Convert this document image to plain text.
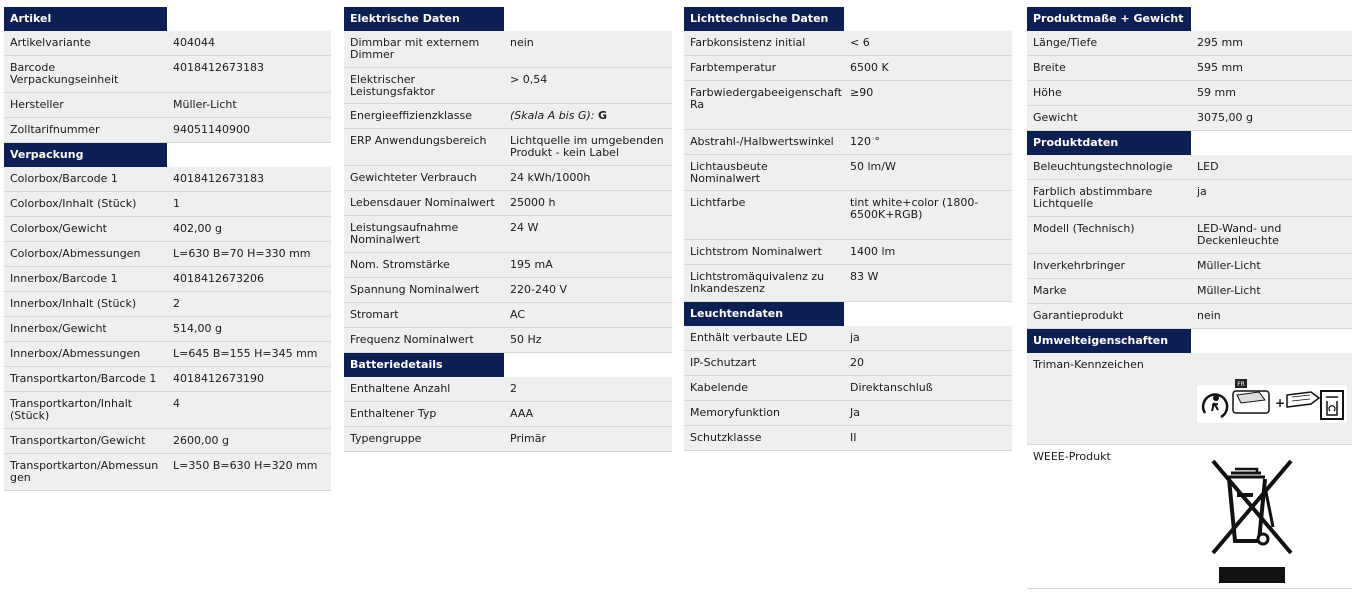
Artikel	
Artikelvariante	404044
Barcode Verpackungseinheit	4018412673183
Hersteller	Müller-Licht
Zolltarifnummer	94051140900
Verpackung	
Colorbox/Barcode 1	4018412673183
Colorbox/Inhalt (Stück)	1
Colorbox/Gewicht	402,00 g
Colorbox/Abmessungen	L=630 B=70 H=330 mm
Innerbox/Barcode 1	4018412673206
Innerbox/Inhalt (Stück)	2
Innerbox/Gewicht	514,00 g
Innerbox/Abmessungen	L=645 B=155 H=345 mm
Transportkarton/Barcode 1	4018412673190
Transportkarton/Inhalt (Stück)	4
Transportkarton/Gewicht	2600,00 g
Transportkarton/Abmessungen	L=350 B=630 H=320 mm
Elektrische Daten	
Dimmbar mit externem Dimmer	nein
Elektrischer Leistungsfaktor	> 0,54
Energieeffizienzklasse	(Skala A bis G): G
ERP Anwendungsbereich	Lichtquelle im umgebenden Produkt - kein Label
Gewichteter Verbrauch	24 kWh/1000h
Lebensdauer Nominalwert	25000 h
Leistungsaufnahme Nominalwert	24 W
Nom. Stromstärke	195 mA
Spannung Nominalwert	220-240 V
Stromart	AC
Frequenz Nominalwert	50 Hz
Batteriedetails	
Enthaltene Anzahl	2
Enthaltener Typ	AAA
Typengruppe	Primär
Lichttechnische Daten	
Farbkonsistenz initial	< 6
Farbtemperatur	6500 K
Farbwiedergabeeigenschaft Ra	≥90
Abstrahl-/Halbwertswinkel	120 °
Lichtausbeute Nominalwert	50 lm/W
Lichtfarbe	tint white+color (1800-6500K+RGB)
Lichtstrom Nominalwert	1400 lm
Lichtstromäquivalenz zu Inkandeszenz	83 W
Leuchtendaten	
Enthält verbaute LED	ja
IP-Schutzart	20
Kabelende	Direktanschluß
Memoryfunktion	Ja
Schutzklasse	II
Produktmaße + Gewicht	
Länge/Tiefe	295 mm
Breite	595 mm
Höhe	59 mm
Gewicht	3075,00 g
Produktdaten	
Beleuchtungstechnologie	LED
Farblich abstimmbare Lichtquelle	ja
Modell (Technisch)	LED-Wand- und Deckenleuchte
Inverkehrbringer	Müller-Licht
Marke	Müller-Licht
Garantieprodukt	nein
Umwelteigenschaften	
Triman-Kennzeichen	FR
+

WEEE-Produkt	
